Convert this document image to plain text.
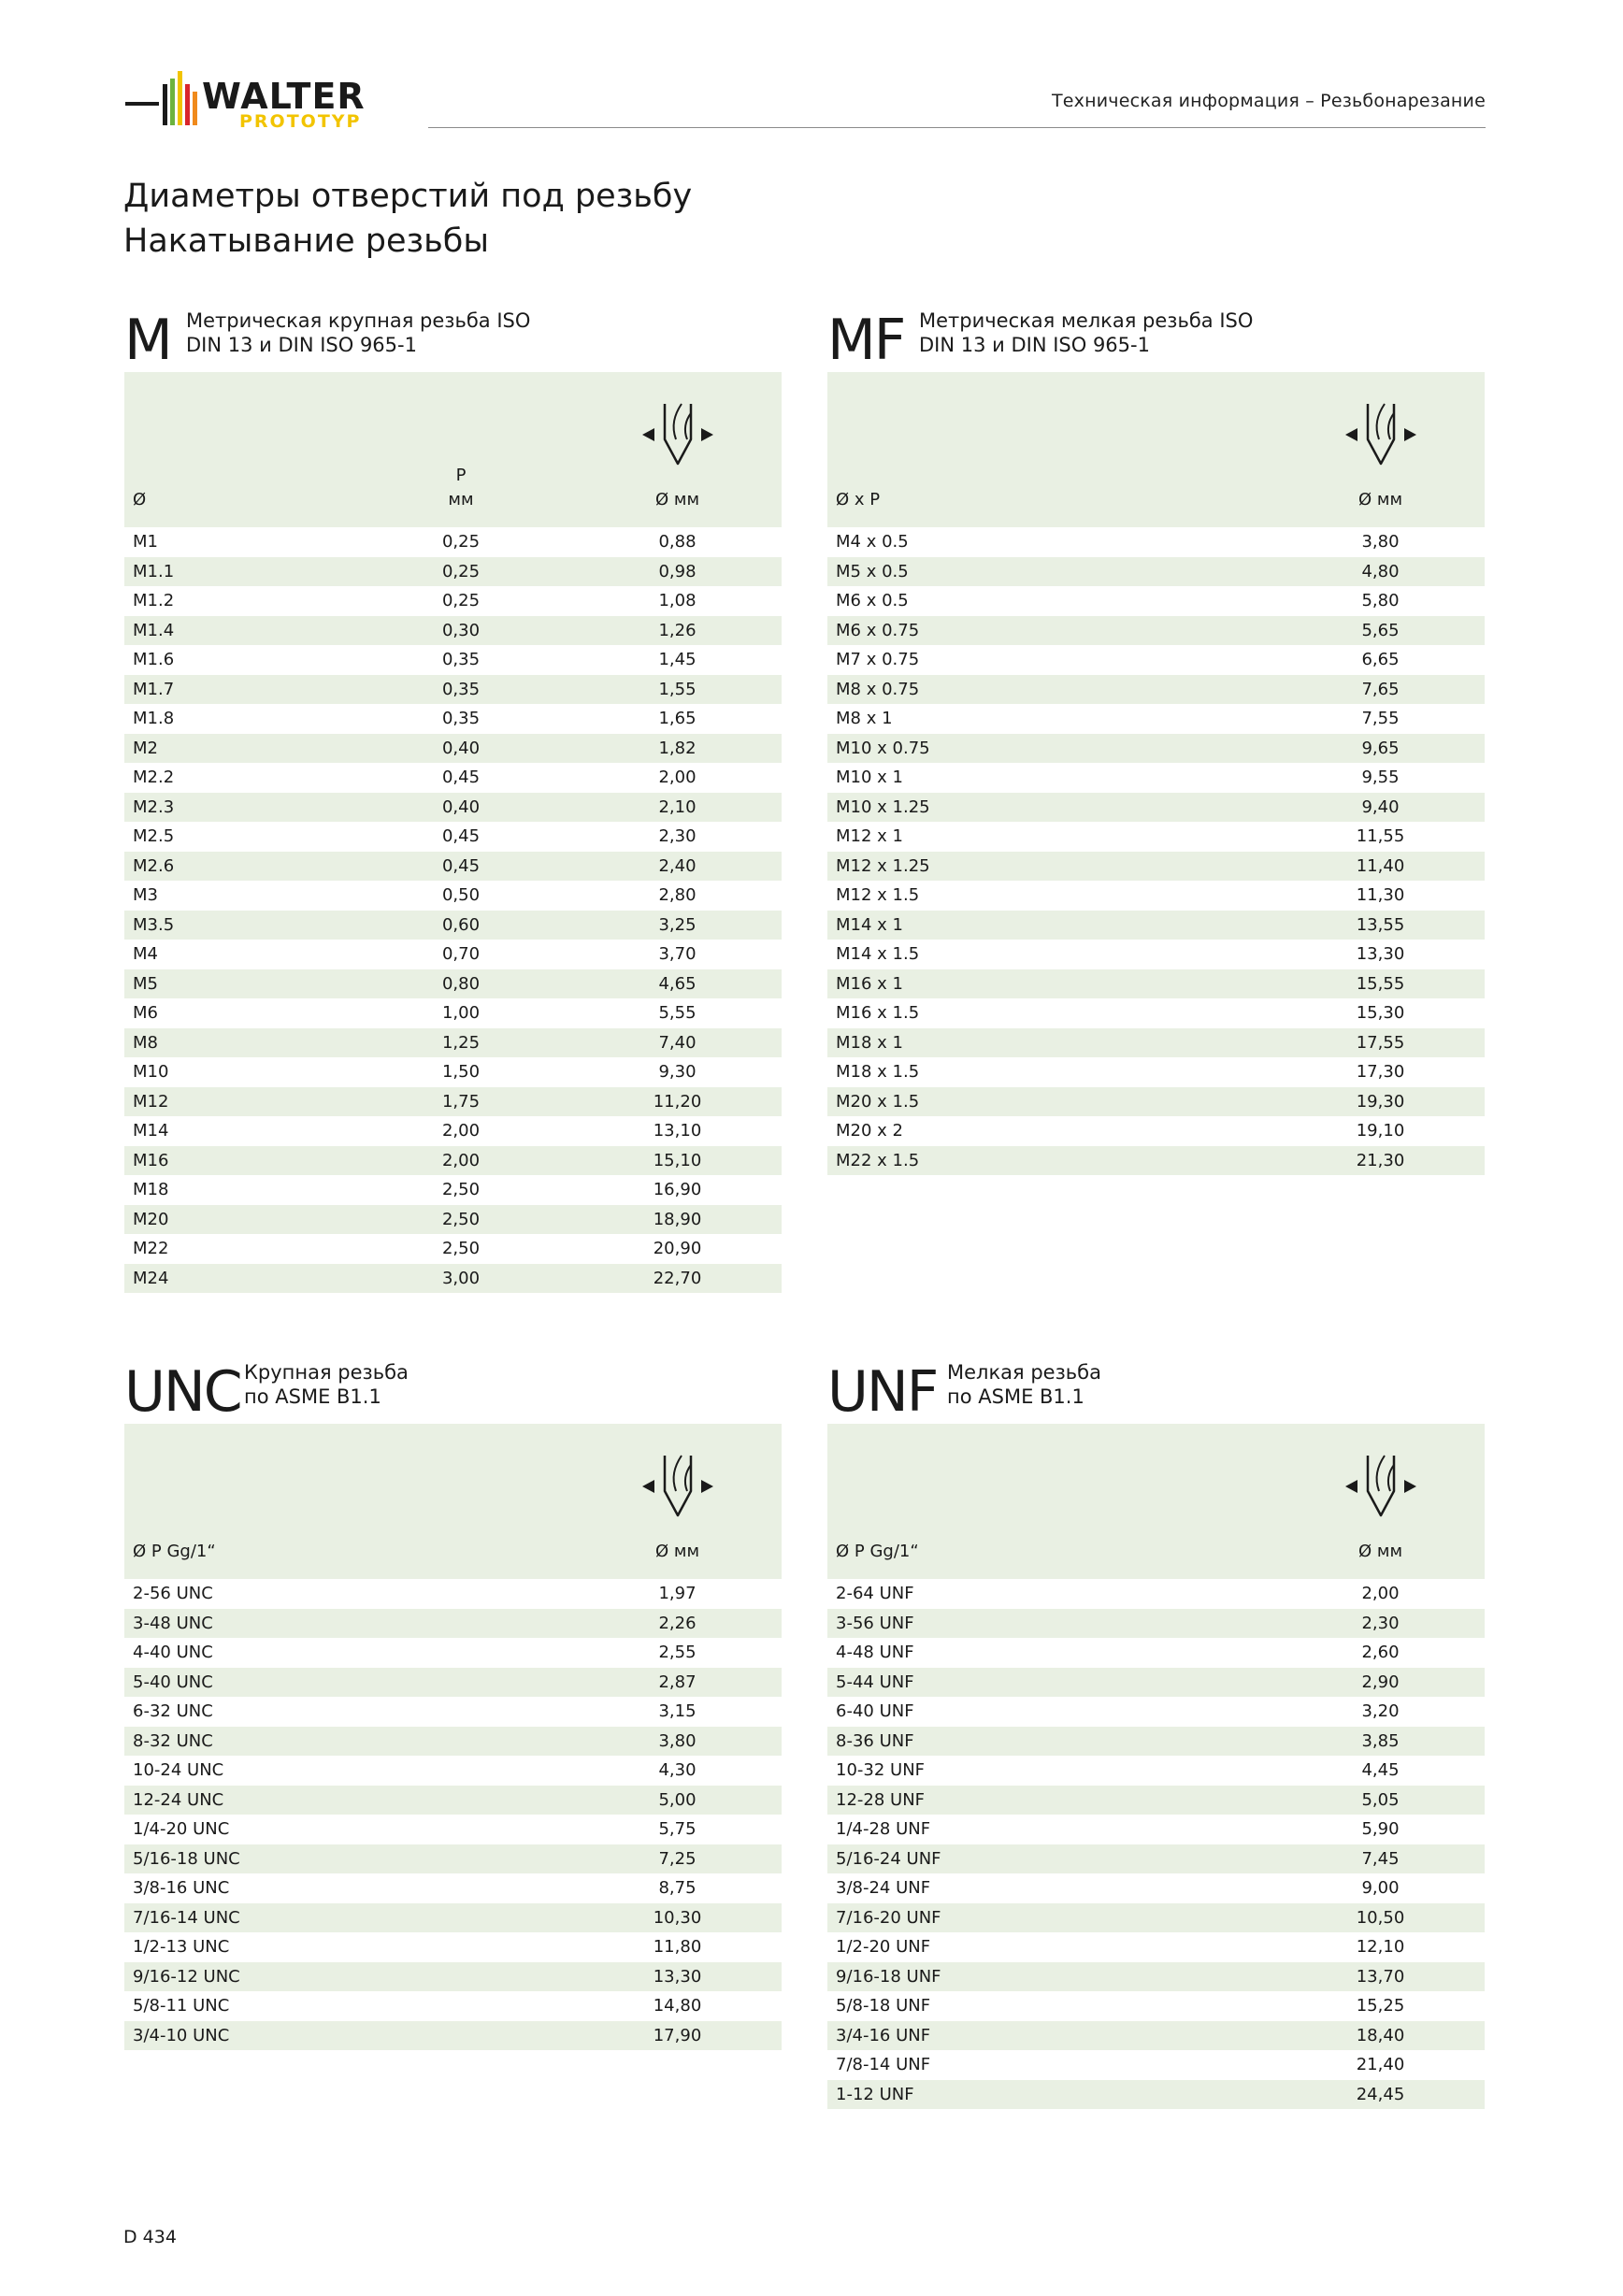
WALTER
PROTOTYP
Техническая информация – Резьбонарезание
Диаметры отверстий под резьбу
Накатывание резьбы
M Метрическая крупная резьба ISO
DIN 13 и DIN ISO 965-1
Ø	P
мм	Ø мм

M1	0,25	0,88
M1.1	0,25	0,98
M1.2	0,25	1,08
M1.4	0,30	1,26
M1.6	0,35	1,45
M1.7	0,35	1,55
M1.8	0,35	1,65
M2	0,40	1,82
M2.2	0,45	2,00
M2.3	0,40	2,10
M2.5	0,45	2,30
M2.6	0,45	2,40
M3	0,50	2,80
M3.5	0,60	3,25
M4	0,70	3,70
M5	0,80	4,65
M6	1,00	5,55
M8	1,25	7,40
M10	1,50	9,30
M12	1,75	11,20
M14	2,00	13,10
M16	2,00	15,10
M18	2,50	16,90
M20	2,50	18,90
M22	2,50	20,90
M24	3,00	22,70
MF Метрическая мелкая резьба ISO
DIN 13 и DIN ISO 965-1
Ø x P	Ø мм

M4 x 0.5	3,80
M5 x 0.5	4,80
M6 x 0.5	5,80
M6 x 0.75	5,65
M7 x 0.75	6,65
M8 x 0.75	7,65
M8 x 1	7,55
M10 x 0.75	9,65
M10 x 1	9,55
M10 x 1.25	9,40
M12 x 1	11,55
M12 x 1.25	11,40
M12 x 1.5	11,30
M14 x 1	13,55
M14 x 1.5	13,30
M16 x 1	15,55
M16 x 1.5	15,30
M18 x 1	17,55
M18 x 1.5	17,30
M20 x 1.5	19,30
M20 x 2	19,10
M22 x 1.5	21,30
UNC Крупная резьба
по ASME B1.1
Ø P Gg/1“	Ø мм

2-56 UNC	1,97
3-48 UNC	2,26
4-40 UNC	2,55
5-40 UNC	2,87
6-32 UNC	3,15
8-32 UNC	3,80
10-24 UNC	4,30
12-24 UNC	5,00
1/4-20 UNC	5,75
5/16-18 UNC	7,25
3/8-16 UNC	8,75
7/16-14 UNC	10,30
1/2-13 UNC	11,80
9/16-12 UNC	13,30
5/8-11 UNC	14,80
3/4-10 UNC	17,90
UNF Мелкая резьба
по ASME B1.1
Ø P Gg/1“	Ø мм

2-64 UNF	2,00
3-56 UNF	2,30
4-48 UNF	2,60
5-44 UNF	2,90
6-40 UNF	3,20
8-36 UNF	3,85
10-32 UNF	4,45
12-28 UNF	5,05
1/4-28 UNF	5,90
5/16-24 UNF	7,45
3/8-24 UNF	9,00
7/16-20 UNF	10,50
1/2-20 UNF	12,10
9/16-18 UNF	13,70
5/8-18 UNF	15,25
3/4-16 UNF	18,40
7/8-14 UNF	21,40
1-12 UNF	24,45
D 434
